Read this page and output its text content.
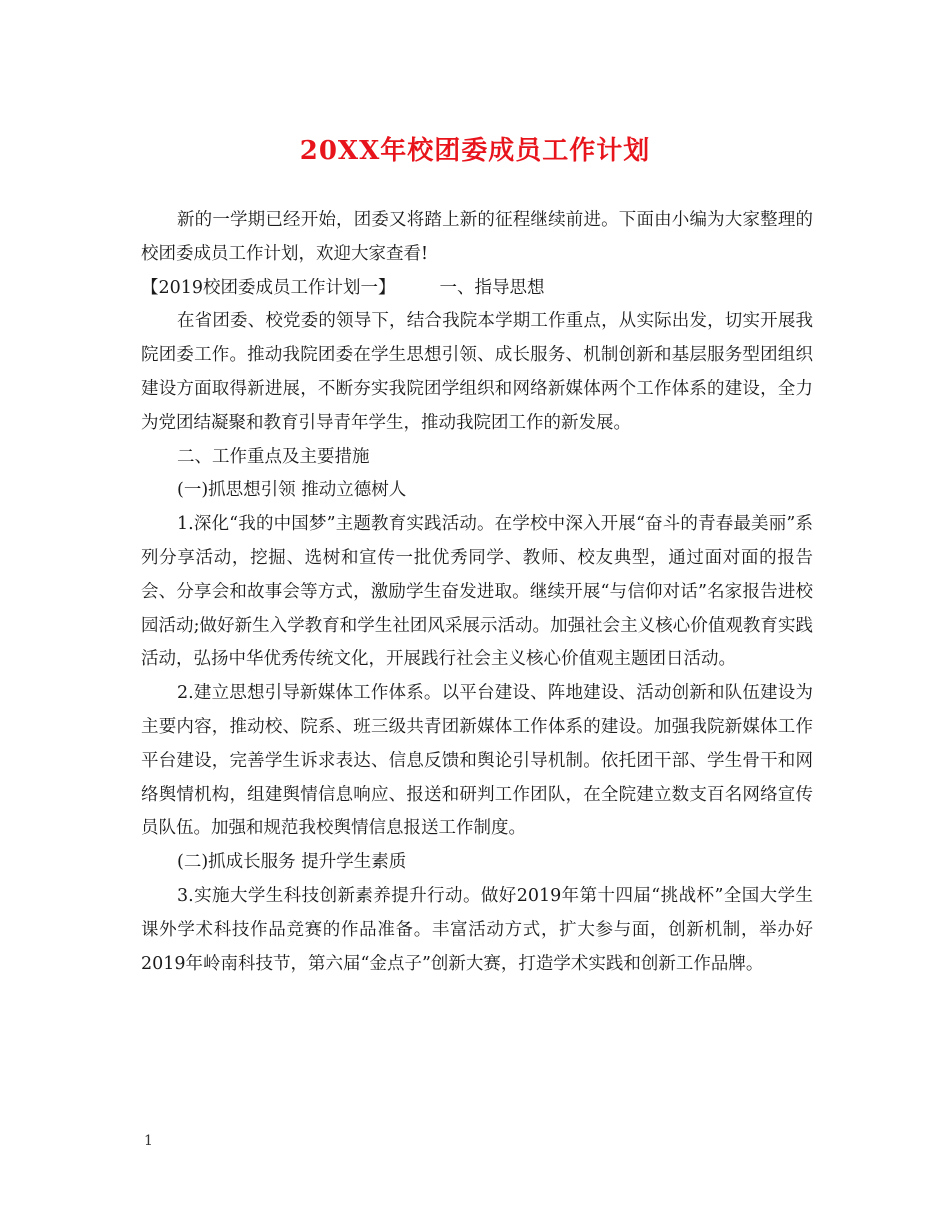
20XX年校团委成员工作计划

新的一学期已经开始，团委又将踏上新的征程继续前进。下面由小编为大家整理的校团委成员工作计划，欢迎大家查看!

【2019校团委成员工作计划一】	一、指导思想

在省团委、校党委的领导下，结合我院本学期工作重点，从实际出发，切实开展我院团委工作。推动我院团委在学生思想引领、成长服务、机制创新和基层服务型团组织建设方面取得新进展，不断夯实我院团学组织和网络新媒体两个工作体系的建设，全力为党团结凝聚和教育引导青年学生，推动我院团工作的新发展。

二、工作重点及主要措施

(一)抓思想引领 推动立德树人

1.深化“我的中国梦”主题教育实践活动。在学校中深入开展“奋斗的青春最美丽”系列分享活动，挖掘、选树和宣传一批优秀同学、教师、校友典型，通过面对面的报告会、分享会和故事会等方式，激励学生奋发进取。继续开展“与信仰对话”名家报告进校园活动;做好新生入学教育和学生社团风采展示活动。加强社会主义核心价值观教育实践活动，弘扬中华优秀传统文化，开展践行社会主义核心价值观主题团日活动。

2.建立思想引导新媒体工作体系。以平台建设、阵地建设、活动创新和队伍建设为主要内容，推动校、院系、班三级共青团新媒体工作体系的建设。加强我院新媒体工作平台建设，完善学生诉求表达、信息反馈和舆论引导机制。依托团干部、学生骨干和网络舆情机构，组建舆情信息响应、报送和研判工作团队，在全院建立数支百名网络宣传员队伍。加强和规范我校舆情信息报送工作制度。

(二)抓成长服务 提升学生素质

3.实施大学生科技创新素养提升行动。做好2019年第十四届“挑战杯”全国大学生课外学术科技作品竞赛的作品准备。丰富活动方式，扩大参与面，创新机制，举办好2019年岭南科技节，第六届“金点子”创新大赛，打造学术实践和创新工作品牌。

1
